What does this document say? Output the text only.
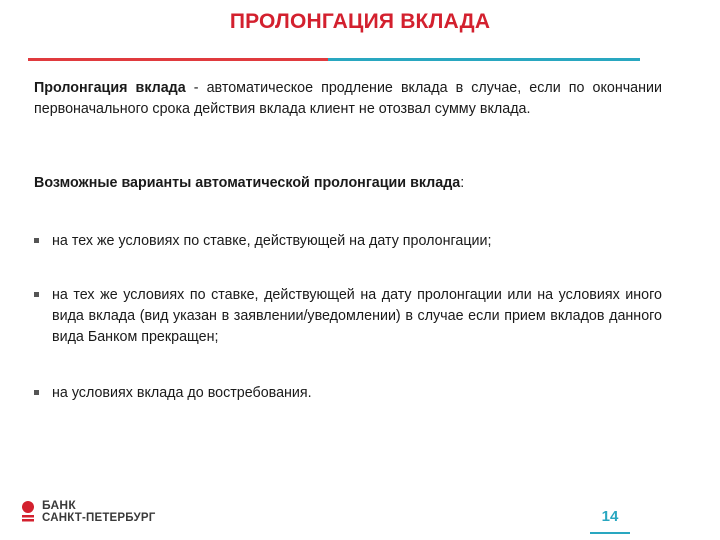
ПРОЛОНГАЦИЯ ВКЛАДА

Пролонгация вклада - автоматическое продление вклада в случае, если по окончании первоначального срока действия вклада клиент не отозвал сумму вклада.

Возможные варианты автоматической пролонгации вклада:

на тех же условиях по ставке, действующей на дату пролонгации;
на тех же условиях по ставке, действующей на дату пролонгации или на условиях иного вида вклада (вид указан в заявлении/уведомлении) в случае если прием вкладов данного вида Банком прекращен;
на условиях вклада до востребования.
БАНК
САНКТ-ПЕТЕРБУРГ	14
